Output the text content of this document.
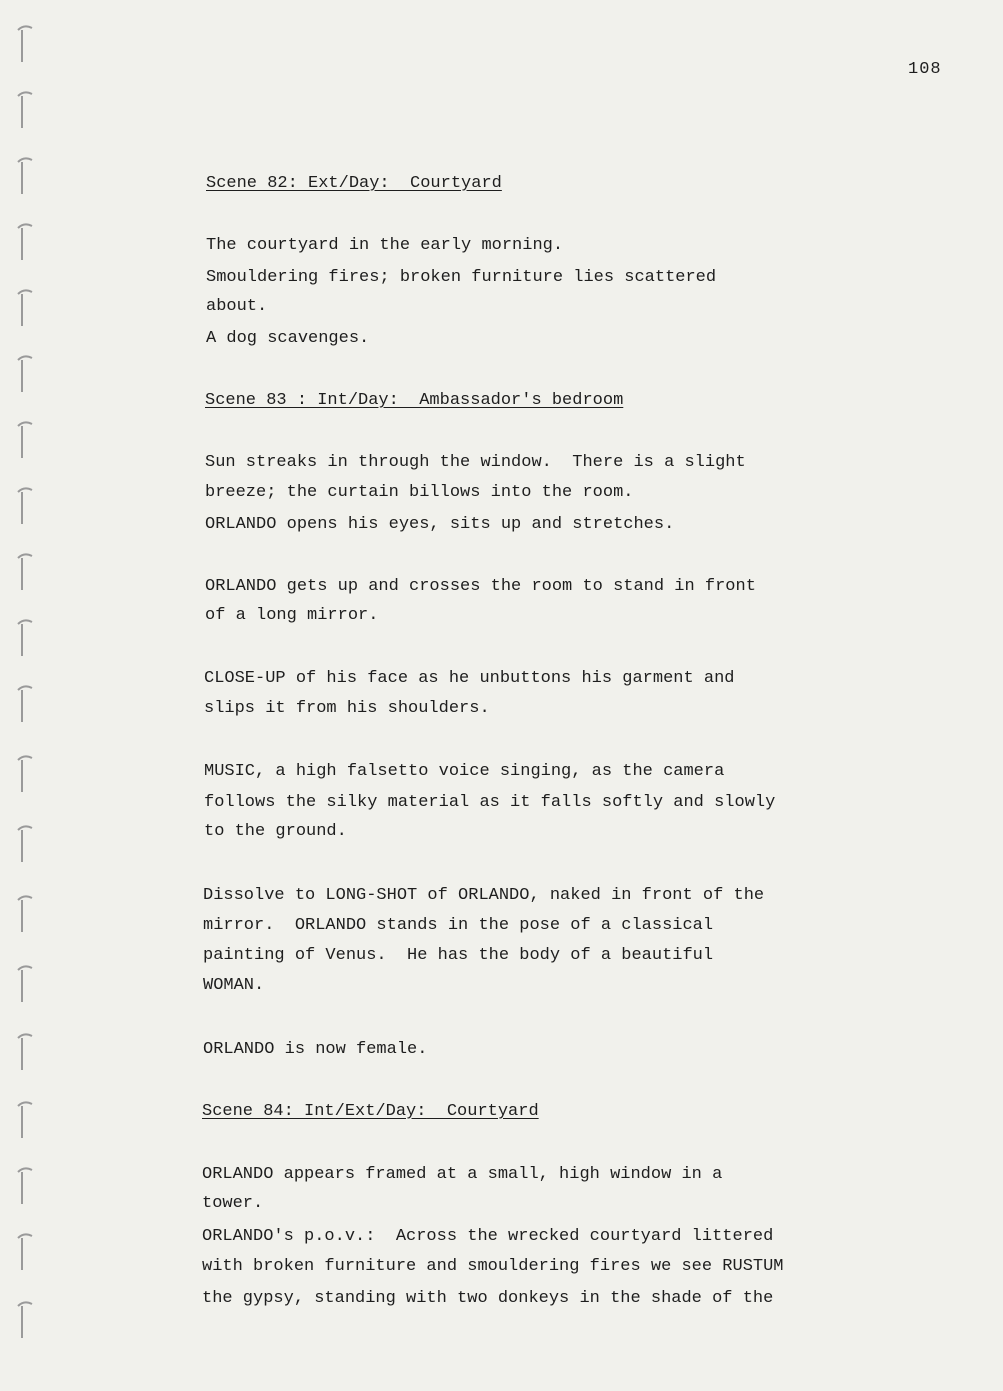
108
Scene 82: Ext/Day:  Courtyard
The courtyard in the early morning.
Smouldering fires; broken furniture lies scattered
about.
A dog scavenges.
Scene 83 : Int/Day:  Ambassador's bedroom
Sun streaks in through the window.  There is a slight
breeze; the curtain billows into the room.
ORLANDO opens his eyes, sits up and stretches.
ORLANDO gets up and crosses the room to stand in front
of a long mirror.
CLOSE-UP of his face as he unbuttons his garment and
slips it from his shoulders.
MUSIC, a high falsetto voice singing, as the camera
follows the silky material as it falls softly and slowly
to the ground.
Dissolve to LONG-SHOT of ORLANDO, naked in front of the
mirror.  ORLANDO stands in the pose of a classical
painting of Venus.  He has the body of a beautiful
WOMAN.
ORLANDO is now female.
Scene 84: Int/Ext/Day:  Courtyard
ORLANDO appears framed at a small, high window in a
tower.
ORLANDO's p.o.v.:  Across the wrecked courtyard littered
with broken furniture and smouldering fires we see RUSTUM
the gypsy, standing with two donkeys in the shade of the
